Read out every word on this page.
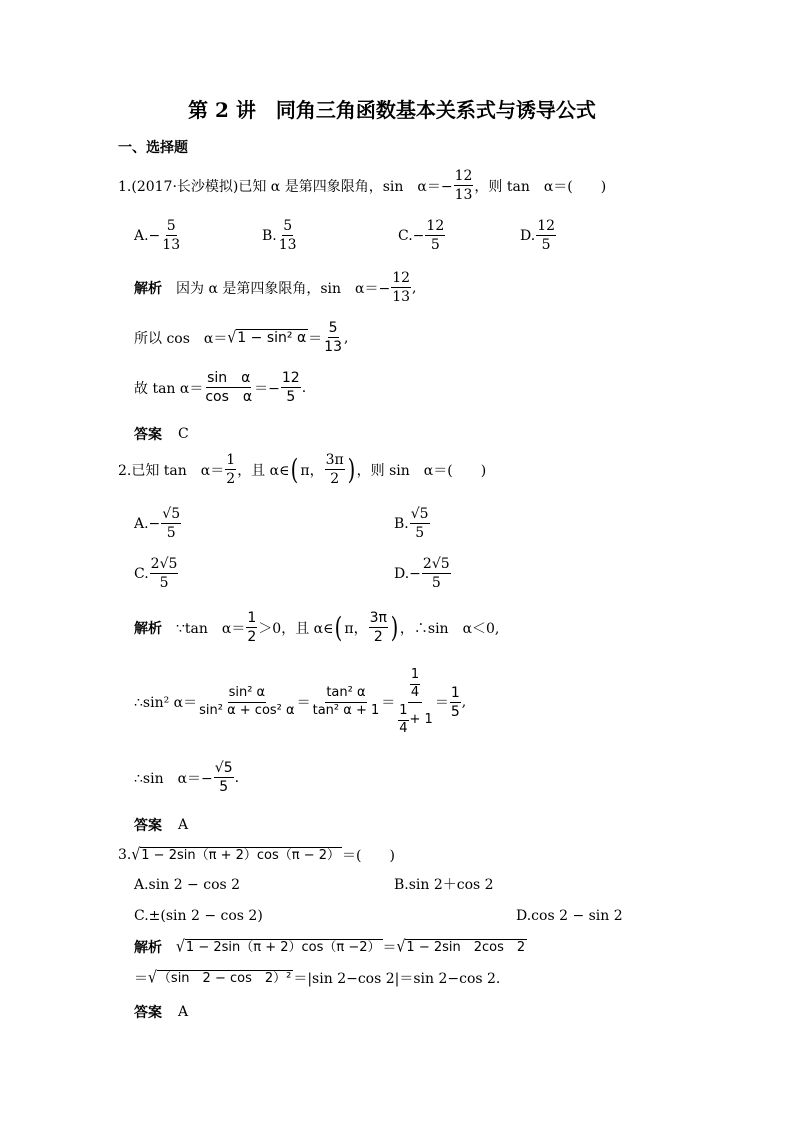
第 2 讲　同角三角函数基本关系式与诱导公式
一、选择题
1.(2017·长沙模拟)已知 α 是第四象限角，sin　$\alpha=- \frac{12}{13}$ ，则 tan　α＝(　　)
$A.- \frac{5}{13}$	B. $\frac{5}{13}$	$C.- \frac{12}{5}$	D. $\frac{12}{5}$
解析 因为 α 是第四象限角，sin　$\alpha=- \frac{12}{13}$ ,
所以 cos　α＝ √ 1 − sin² $\alpha = \frac{5}{13}$ ,
故 $\tan \alpha= \frac{\text{sin　α}}{\text{cos　α}} =- \frac{12}{5}$ .
答案 C
2.已知 tan　$\alpha= \frac{1}{2}$ ，且 α∈ ( π， $\frac{3\pi}{2}$ ) ，则 sin　α＝(　　)
$A.- \frac{√5}{5}$	B. $\frac{√5}{5}$
C. $\frac{2√5}{5}$	$D.- \frac{2√5}{5}$
解析 ∵tan　$\alpha= \frac{1}{2} >0$，且 α∈ ( π， $\frac{3\pi}{2}$ ) ，∴sin　α＜0,
∴sin² $\alpha= \frac{\text{sin² α}}{\text{sin² α + cos² α}} = \frac{\text{tan² α}}{\text{tan² α + 1}} = \frac{\frac{1}{4}}{\frac{1}{4} + 1} = \frac{1}{5}$ ,
∴sin　$\alpha=- \frac{√5}{5}$ .
答案 A
3. √ 1 − 2sin（π + 2）cos（π − 2） ＝(　　)
A.sin 2 − cos 2	B.sin 2＋cos 2
C.±(sin 2 − cos 2)	D.cos 2 − sin 2
解析 √ 1 − 2sin（π + 2）cos（π −2） ＝ √ 1 − 2sin　2cos　2
＝ √ （sin　2 − cos　2）² ＝|sin 2−cos 2|＝sin 2−cos 2.
答案 A
